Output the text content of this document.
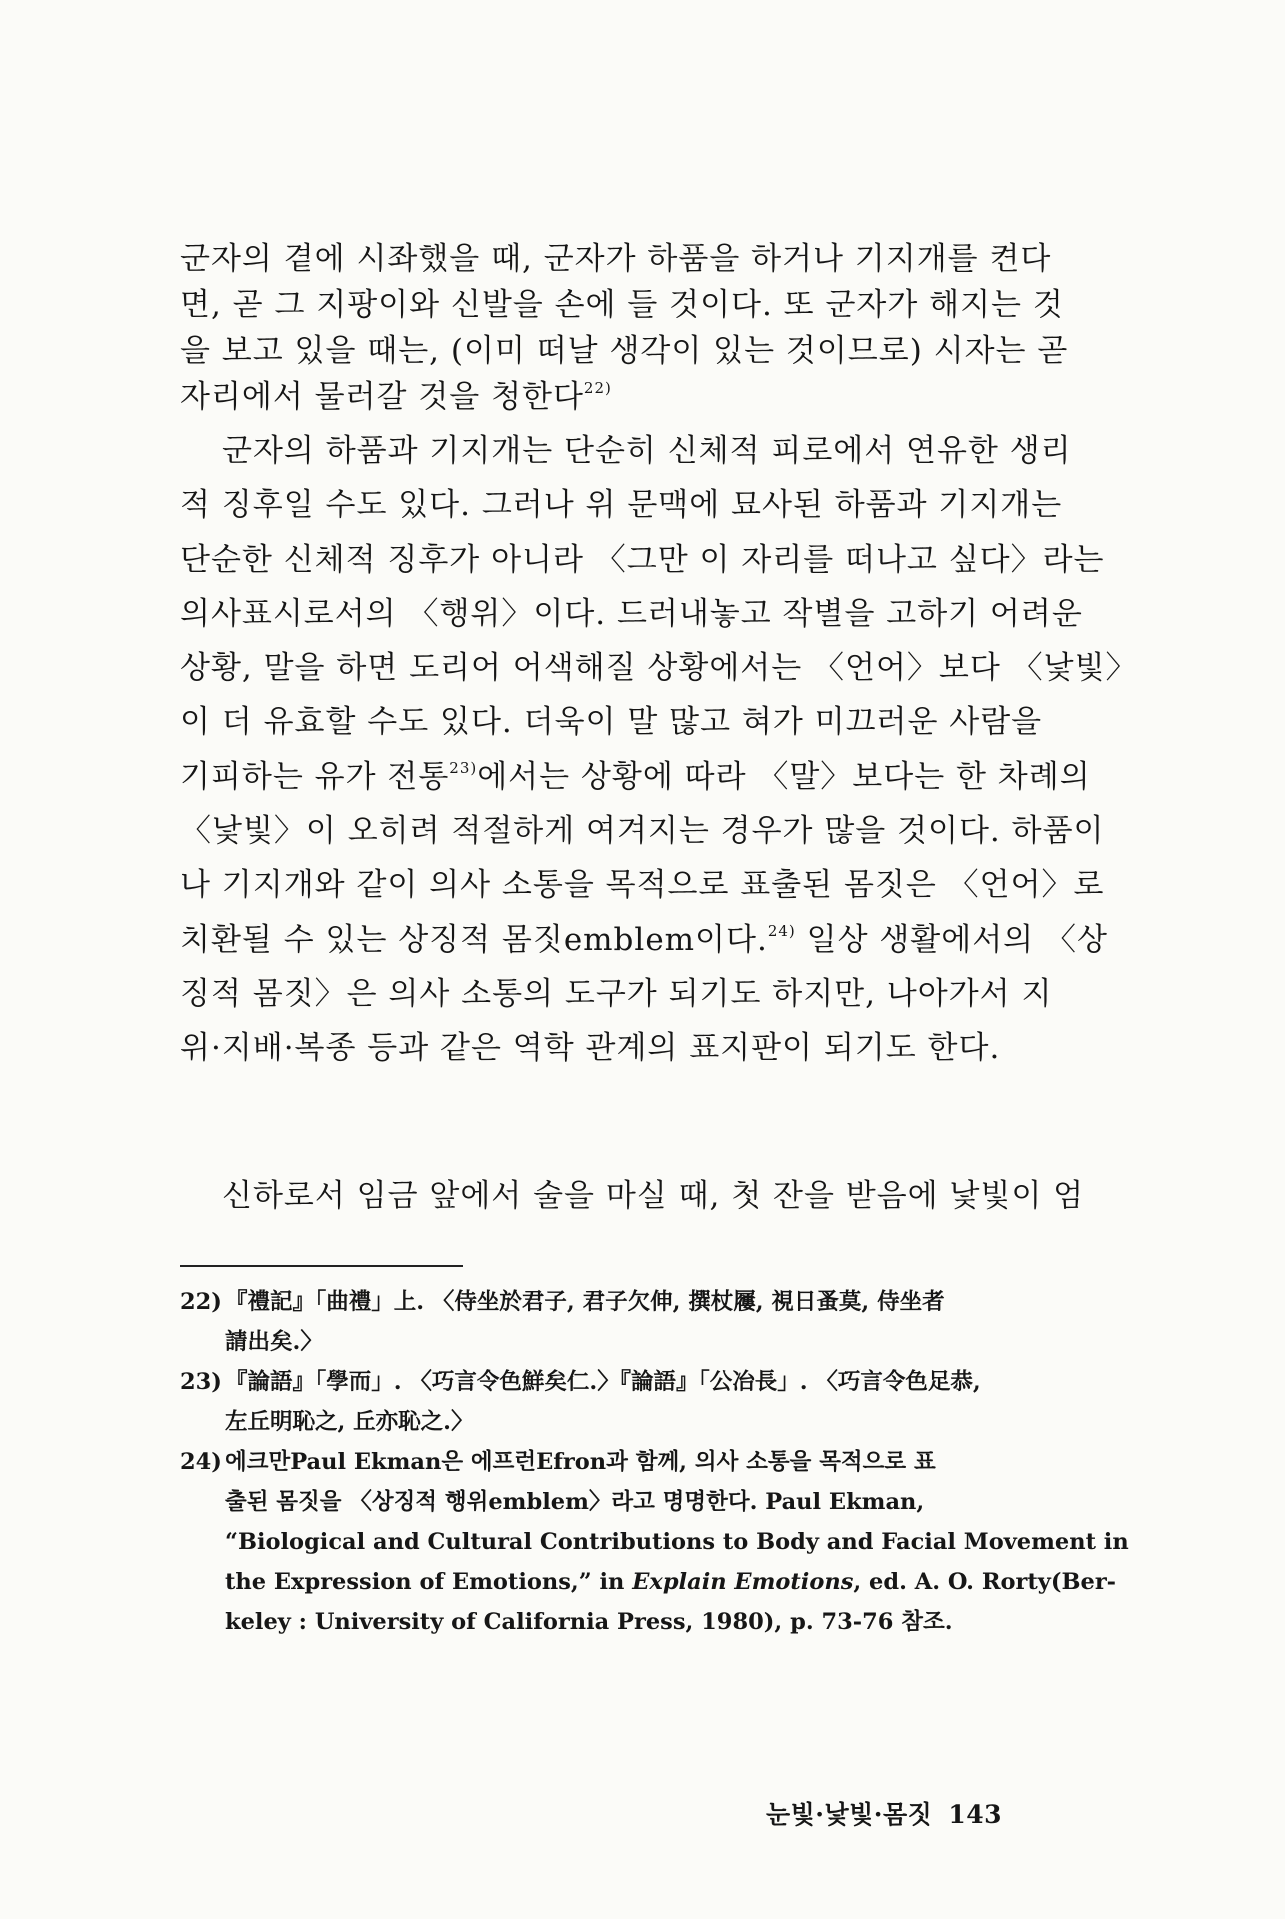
군자의 곁에 시좌했을 때, 군자가 하품을 하거나 기지개를 켠다
면, 곧 그 지팡이와 신발을 손에 들 것이다. 또 군자가 해지는 것
을 보고 있을 때는, (이미 떠날 생각이 있는 것이므로) 시자는 곧
자리에서 물러갈 것을 청한다$^{22)}$
군자의 하품과 기지개는 단순히 신체적 피로에서 연유한 생리
적 징후일 수도 있다. 그러나 위 문맥에 묘사된 하품과 기지개는
단순한 신체적 징후가 아니라 〈그만 이 자리를 떠나고 싶다〉라는
의사표시로서의 〈행위〉이다. 드러내놓고 작별을 고하기 어려운
상황, 말을 하면 도리어 어색해질 상황에서는 〈언어〉보다 〈낯빛〉
이 더 유효할 수도 있다. 더욱이 말 많고 혀가 미끄러운 사람을
기피하는 유가 전통$^{23)}$에서는 상황에 따라 〈말〉보다는 한 차례의
〈낯빛〉이 오히려 적절하게 여겨지는 경우가 많을 것이다. 하품이
나 기지개와 같이 의사 소통을 목적으로 표출된 몸짓은 〈언어〉로
치환될 수 있는 상징적 몸짓emblem이다.$^{24)}$ 일상 생활에서의 〈상
징적 몸짓〉은 의사 소통의 도구가 되기도 하지만, 나아가서 지
위·지배·복종 등과 같은 역학 관계의 표지판이 되기도 한다.
신하로서 임금 앞에서 술을 마실 때, 첫 잔을 받음에 낯빛이 엄
22) 『禮記』「曲禮」上. 〈侍坐於君子, 君子欠伸, 撰杖屨, 視日蚤莫, 侍坐者
請出矣.〉
23) 『論語』「學而」. 〈巧言令色鮮矣仁.〉『論語』「公冶長」. 〈巧言令色足恭,
左丘明恥之, 丘亦恥之.〉
24) 에크만Paul Ekman은 에프런Efron과 함께, 의사 소통을 목적으로 표
출된 몸짓을 〈상징적 행위emblem〉라고 명명한다. Paul Ekman,
“Biological and Cultural Contributions to Body and Facial Movement in
the Expression of Emotions,” in Explain Emotions, ed. A. O. Rorty(Ber-
keley : University of California Press, 1980), p. 73-76 참조.
눈빛·낯빛·몸짓 143
